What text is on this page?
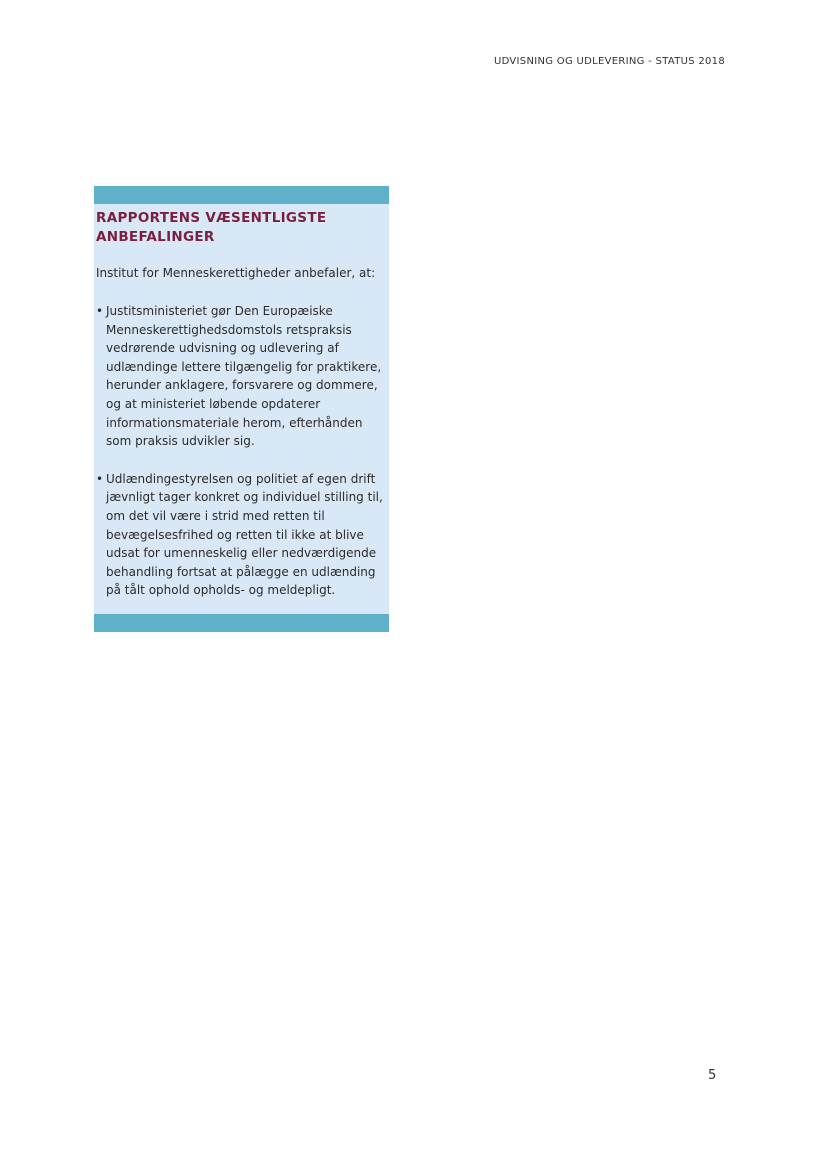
UDVISNING OG UDLEVERING - STATUS 2018
RAPPORTENS VÆSENTLIGSTE ANBEFALINGER

Institut for Menneskerettigheder anbefaler, at:

• Justitsministeriet gør Den Europæiske Menneskerettighedsdomstols retspraksis vedrørende udvisning og udlevering af udlændinge lettere tilgængelig for praktikere, herunder anklagere, forsvarere og dommere, og at ministeriet løbende opdaterer informationsmateriale herom, efterhånden som praksis udvikler sig.
• Udlændingestyrelsen og politiet af egen drift jævnligt tager konkret og individuel stilling til, om det vil være i strid med retten til bevægelsesfrihed og retten til ikke at blive udsat for umenneskelig eller nedværdigende behandling fortsat at pålægge en udlænding på tålt ophold opholds- og meldepligt.
5
